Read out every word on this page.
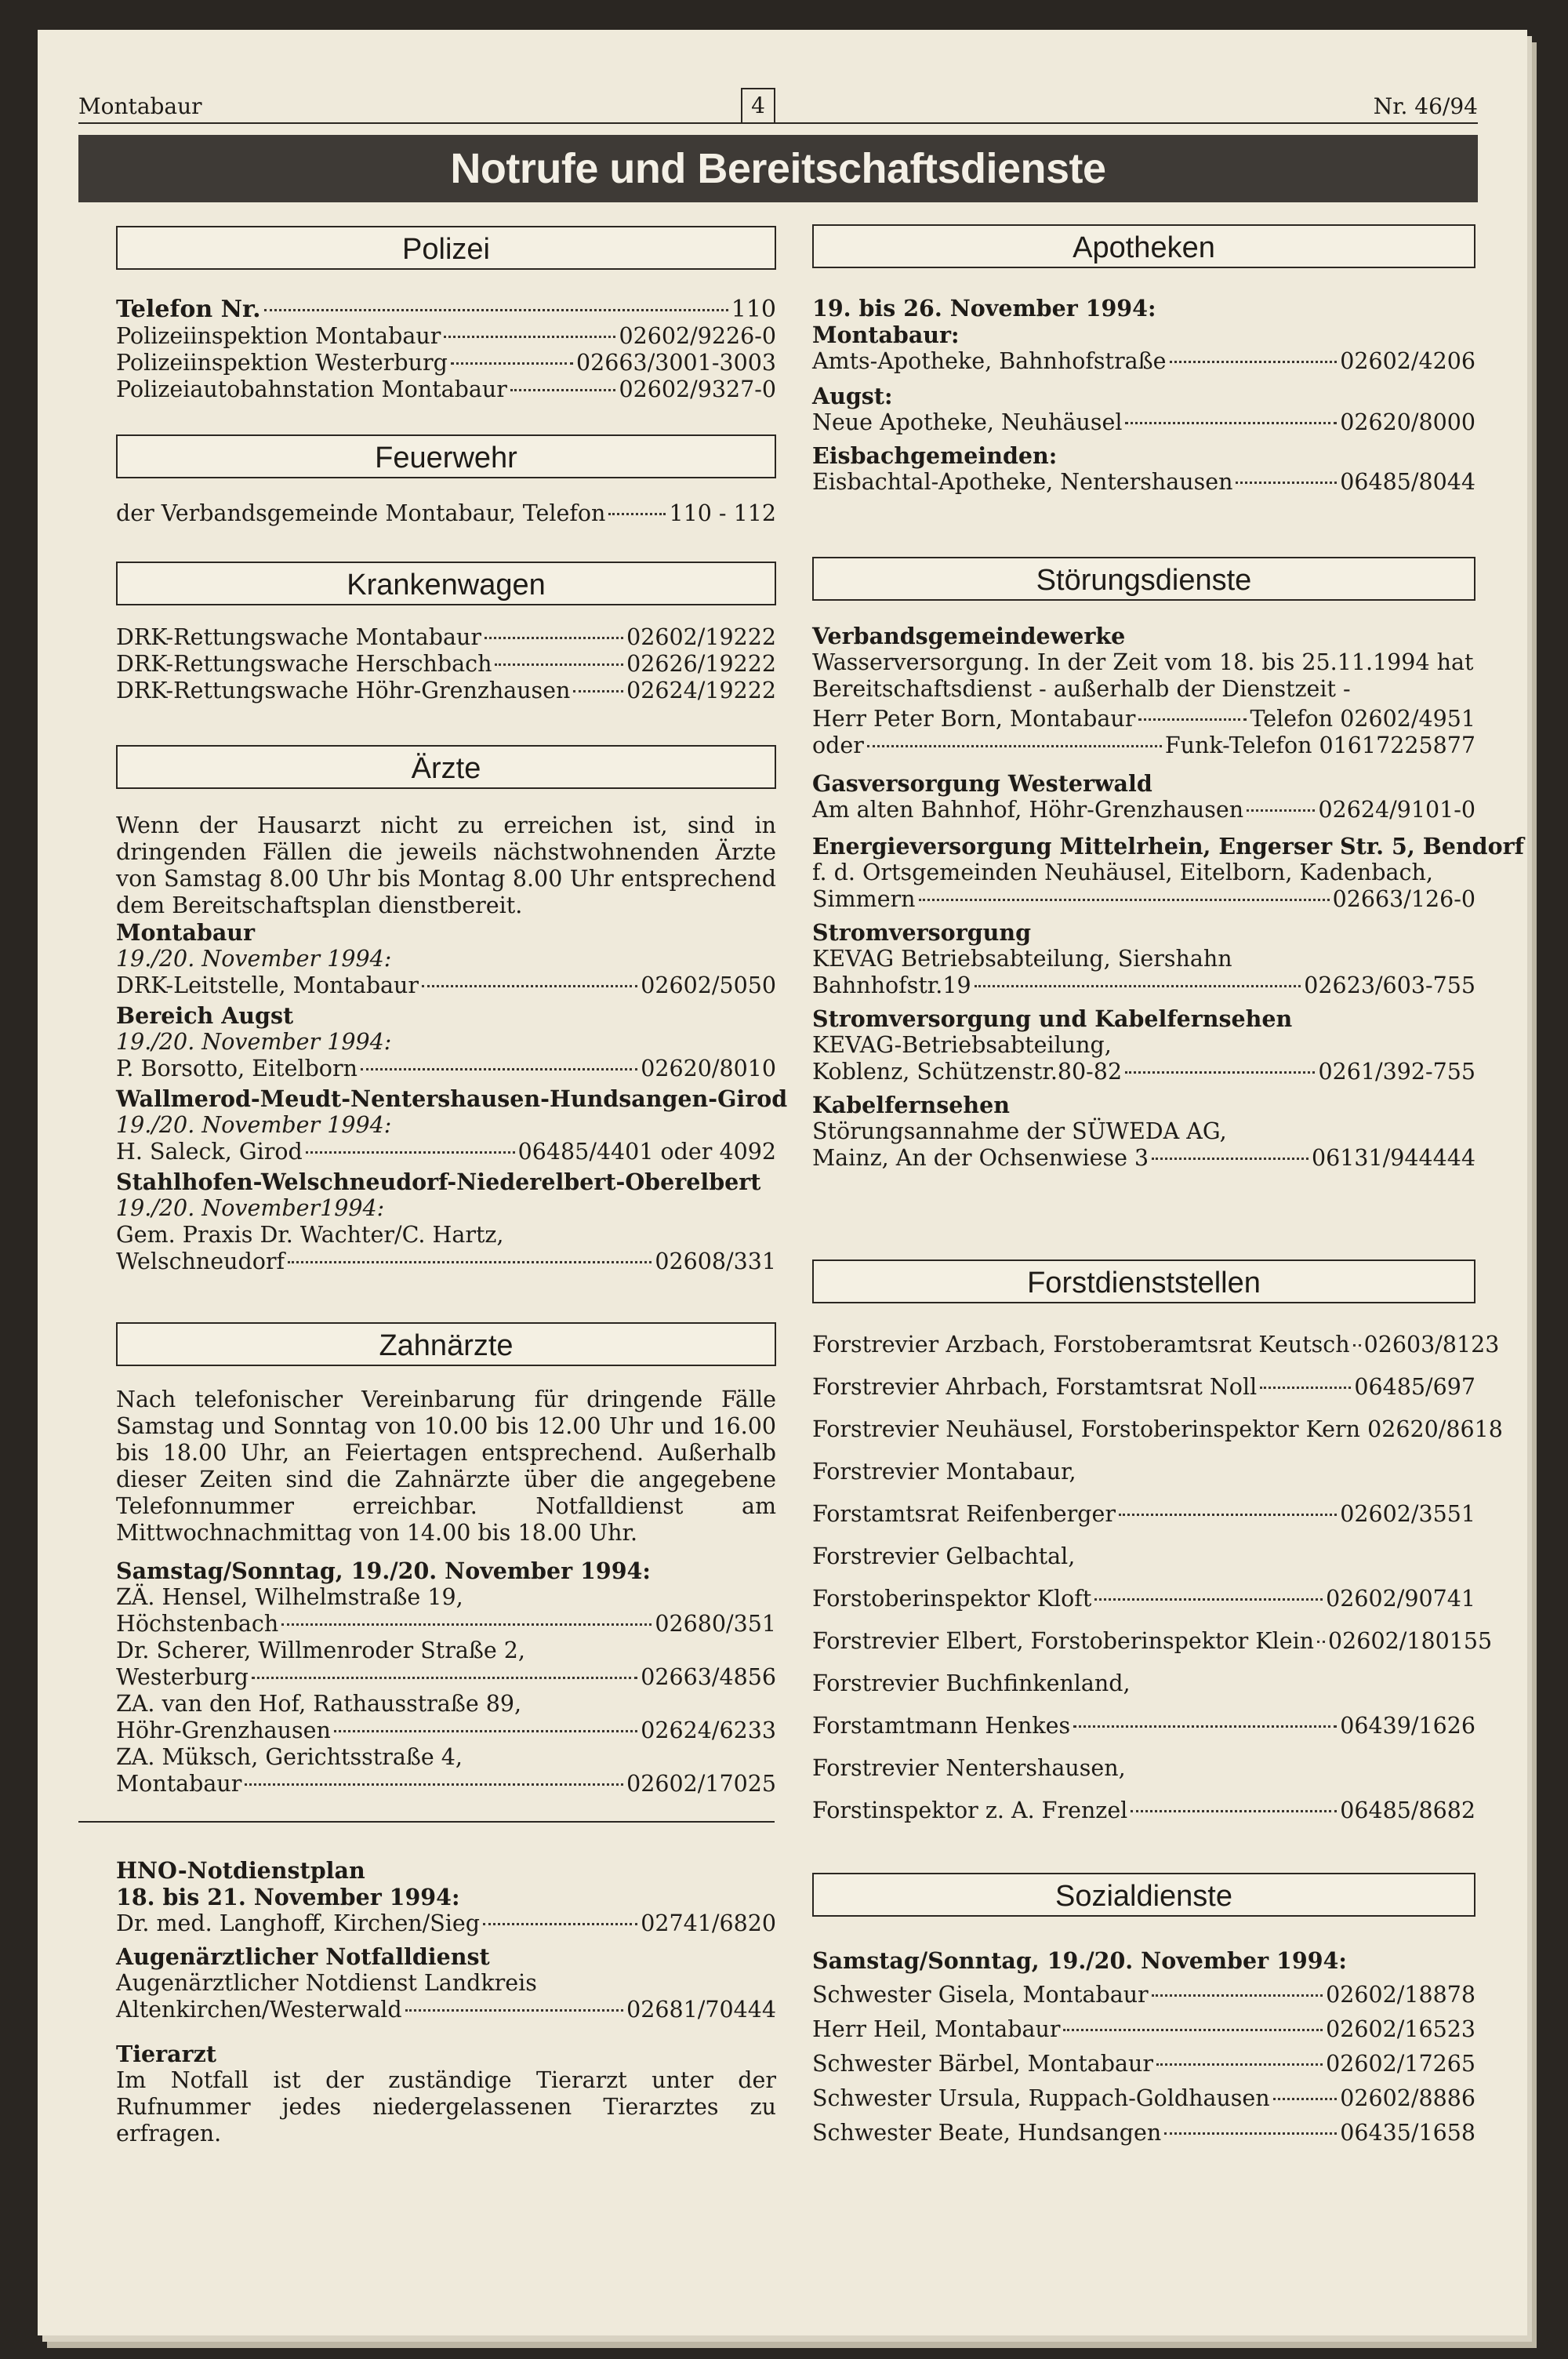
Montabaur	4	Nr. 46/94
Notrufe und Bereitschaftsdienste
Polizei
Telefon Nr.	110
Polizeiinspektion Montabaur	02602/9226-0
Polizeiinspektion Westerburg	02663/3001-3003
Polizeiautobahnstation Montabaur	02602/9327-0
Feuerwehr
der Verbandsgemeinde Montabaur, Telefon	110 - 112
Krankenwagen
DRK-Rettungswache Montabaur	02602/19222
DRK-Rettungswache Herschbach	02626/19222
DRK-Rettungswache Höhr-Grenzhausen	02624/19222
Ärzte
Wenn der Hausarzt nicht zu erreichen ist, sind in dringenden Fällen die jeweils nächstwohnenden Ärzte von Samstag 8.00 Uhr bis Montag 8.00 Uhr entsprechend dem Bereitschaftsplan dienstbereit.
Montabaur
19./20. November 1994:
DRK-Leitstelle, Montabaur	02602/5050
Bereich Augst
19./20. November 1994:
P. Borsotto, Eitelborn	02620/8010
Wallmerod-Meudt-Nentershausen-Hundsangen-Girod
19./20. November 1994:
H. Saleck, Girod	06485/4401 oder 4092
Stahlhofen-Welschneudorf-Niederelbert-Oberelbert
19./20. November1994:
Gem. Praxis Dr. Wachter/C. Hartz,
Welschneudorf	02608/331
Zahnärzte
Nach telefonischer Vereinbarung für dringende Fälle Samstag und Sonntag von 10.00 bis 12.00 Uhr und 16.00 bis 18.00 Uhr, an Feiertagen entsprechend. Außerhalb dieser Zeiten sind die Zahnärzte über die angegebene Telefonnummer erreichbar. Notfalldienst am Mittwochnachmittag von 14.00 bis 18.00 Uhr.
Samstag/Sonntag, 19./20. November 1994:
ZÄ. Hensel, Wilhelmstraße 19,
Höchstenbach	02680/351
Dr. Scherer, Willmenroder Straße 2,
Westerburg	02663/4856
ZA. van den Hof, Rathausstraße 89,
Höhr-Grenzhausen	02624/6233
ZA. Müksch, Gerichtsstraße 4,
Montabaur	02602/17025
HNO-Notdienstplan
18. bis 21. November 1994:
Dr. med. Langhoff, Kirchen/Sieg	02741/6820
Augenärztlicher Notfalldienst
Augenärztlicher Notdienst Landkreis
Altenkirchen/Westerwald	02681/70444
Tierarzt
Im Notfall ist der zuständige Tierarzt unter der Rufnummer jedes niedergelassenen Tierarztes zu erfragen.
Apotheken
19. bis 26. November 1994:
Montabaur:
Amts-Apotheke, Bahnhofstraße	02602/4206
Augst:
Neue Apotheke, Neuhäusel	02620/8000
Eisbachgemeinden:
Eisbachtal-Apotheke, Nentershausen	06485/8044
Störungsdienste
Verbandsgemeindewerke
Wasserversorgung. In der Zeit vom 18. bis 25.11.1994 hat
Bereitschaftsdienst - außerhalb der Dienstzeit -
Herr Peter Born, Montabaur	Telefon 02602/4951
oder	Funk-Telefon 01617225877
Gasversorgung Westerwald
Am alten Bahnhof, Höhr-Grenzhausen	02624/9101-0
Energieversorgung Mittelrhein, Engerser Str. 5, Bendorf
f. d. Ortsgemeinden Neuhäusel, Eitelborn, Kadenbach,
Simmern	02663/126-0
Stromversorgung
KEVAG Betriebsabteilung, Siershahn
Bahnhofstr.19	02623/603-755
Stromversorgung und Kabelfernsehen
KEVAG-Betriebsabteilung,
Koblenz, Schützenstr.80-82	0261/392-755
Kabelfernsehen
Störungsannahme der SÜWEDA AG,
Mainz, An der Ochsenwiese 3	06131/944444
Forstdienststellen
Forstrevier Arzbach, Forstoberamtsrat Keutsch 02603/8123
Forstrevier Ahrbach, Forstamtsrat Noll	06485/697
Forstrevier Neuhäusel, Forstoberinspektor Kern 02620/8618
Forstrevier Montabaur,
Forstamtsrat Reifenberger	02602/3551
Forstrevier Gelbachtal,
Forstoberinspektor Kloft	02602/90741
Forstrevier Elbert, Forstoberinspektor Klein 02602/180155
Forstrevier Buchfinkenland,
Forstamtmann Henkes	06439/1626
Forstrevier Nentershausen,
Forstinspektor z. A. Frenzel	06485/8682
Sozialdienste
Samstag/Sonntag, 19./20. November 1994:
Schwester Gisela, Montabaur	02602/18878
Herr Heil, Montabaur	02602/16523
Schwester Bärbel, Montabaur	02602/17265
Schwester Ursula, Ruppach-Goldhausen	02602/8886
Schwester Beate, Hundsangen	06435/1658
